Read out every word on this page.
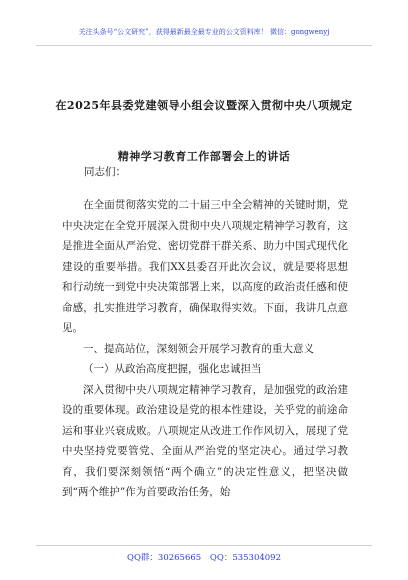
关注头条号“公文研究”，获得最新最全最专业的公文资料库！ 微信：gongwenyj
在2025年县委党建领导小组会议暨深入贯彻中央八项规定
精神学习教育工作部署会上的讲话
同志们：

在全面贯彻落实党的二十届三中全会精神的关键时期，党中央决定在全党开展深入贯彻中央八项规定精神学习教育，这是推进全面从严治党、密切党群干群关系、助力中国式现代化建设的重要举措。我们XX县委召开此次会议，就是要将思想和行动统一到党中央决策部署上来，以高度的政治责任感和使命感，扎实推进学习教育，确保取得实效。下面，我讲几点意见。

一、提高站位，深刻领会开展学习教育的重大意义

（一）从政治高度把握，强化忠诚担当

深入贯彻中央八项规定精神学习教育，是加强党的政治建设的重要体现。政治建设是党的根本性建设，关乎党的前途命运和事业兴衰成败。八项规定从改进工作作风切入，展现了党中央坚持党要管党、全面从严治党的坚定决心。通过学习教育，我们要深刻领悟“两个确立”的决定性意义，把坚决做到“两个维护”作为首要政治任务，始

QQ群：30265665 QQ：535304092
